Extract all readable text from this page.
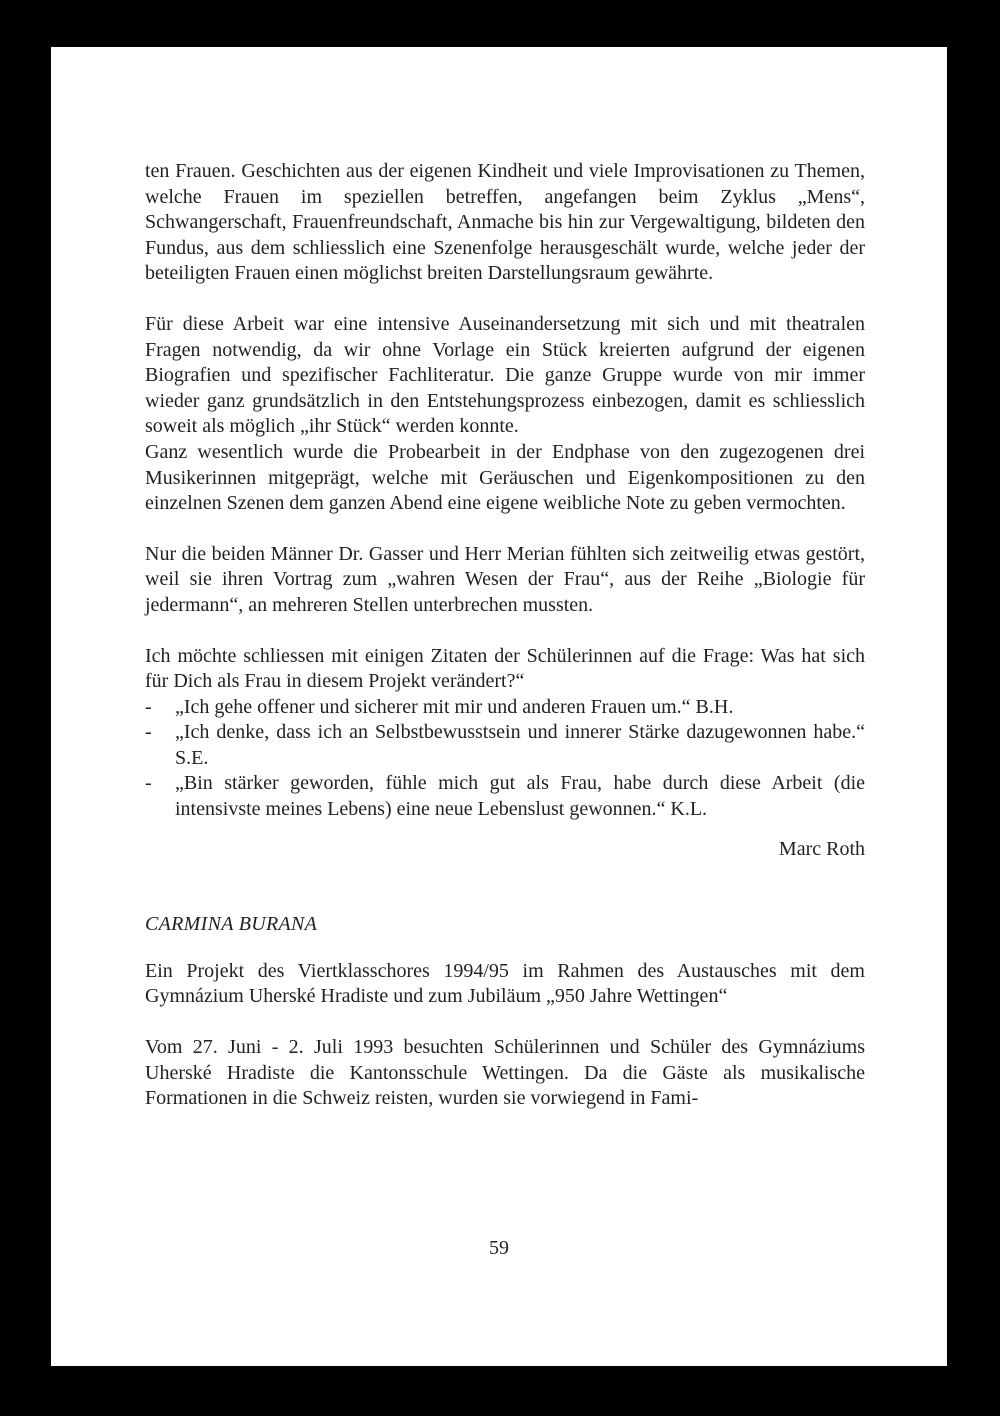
ten Frauen. Geschichten aus der eigenen Kindheit und viele Improvisationen zu Themen, welche Frauen im speziellen betreffen, angefangen beim Zyklus „Mens“, Schwangerschaft, Frauenfreundschaft, Anmache bis hin zur Vergewaltigung, bildeten den Fundus, aus dem schliesslich eine Szenenfolge herausgeschält wurde, welche jeder der beteiligten Frauen einen möglichst breiten Darstellungsraum gewährte.

Für diese Arbeit war eine intensive Auseinandersetzung mit sich und mit theatralen Fragen notwendig, da wir ohne Vorlage ein Stück kreierten aufgrund der eigenen Biografien und spezifischer Fachliteratur. Die ganze Gruppe wurde von mir immer wieder ganz grundsätzlich in den Entstehungsprozess einbezogen, damit es schliesslich soweit als möglich „ihr Stück“ werden konnte.

Ganz wesentlich wurde die Probearbeit in der Endphase von den zugezogenen drei Musikerinnen mitgeprägt, welche mit Geräuschen und Eigenkompositionen zu den einzelnen Szenen dem ganzen Abend eine eigene weibliche Note zu geben vermochten.

Nur die beiden Männer Dr. Gasser und Herr Merian fühlten sich zeitweilig etwas gestört, weil sie ihren Vortrag zum „wahren Wesen der Frau“, aus der Reihe „Biologie für jedermann“, an mehreren Stellen unterbrechen mussten.

Ich möchte schliessen mit einigen Zitaten der Schülerinnen auf die Frage: Was hat sich für Dich als Frau in diesem Projekt verändert?“

- „Ich gehe offener und sicherer mit mir und anderen Frauen um.“ B.H.
- „Ich denke, dass ich an Selbstbewusstsein und innerer Stärke dazugewonnen habe.“ S.E.
- „Bin stärker geworden, fühle mich gut als Frau, habe durch diese Arbeit (die intensivste meines Lebens) eine neue Lebenslust gewonnen.“ K.L.

Marc Roth

CARMINA BURANA

Ein Projekt des Viertklasschores 1994/95 im Rahmen des Austausches mit dem Gymnázium Uherské Hradiste und zum Jubiläum „950 Jahre Wettingen“

Vom 27. Juni - 2. Juli 1993 besuchten Schülerinnen und Schüler des Gymnáziums Uherské Hradiste die Kantonsschule Wettingen. Da die Gäste als musikalische Formationen in die Schweiz reisten, wurden sie vorwiegend in Fami-

59
